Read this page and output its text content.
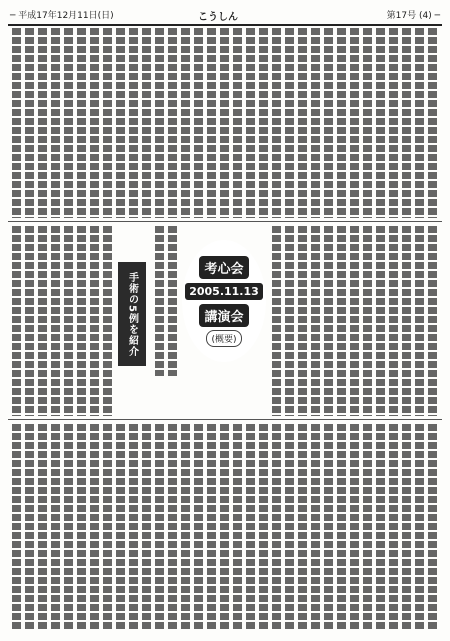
─ 平成17年12月11日(日)	こうしん	第17号 (4) ─
手術の5例を紹介
考心会
2005.11.13
講演会
(概要)
